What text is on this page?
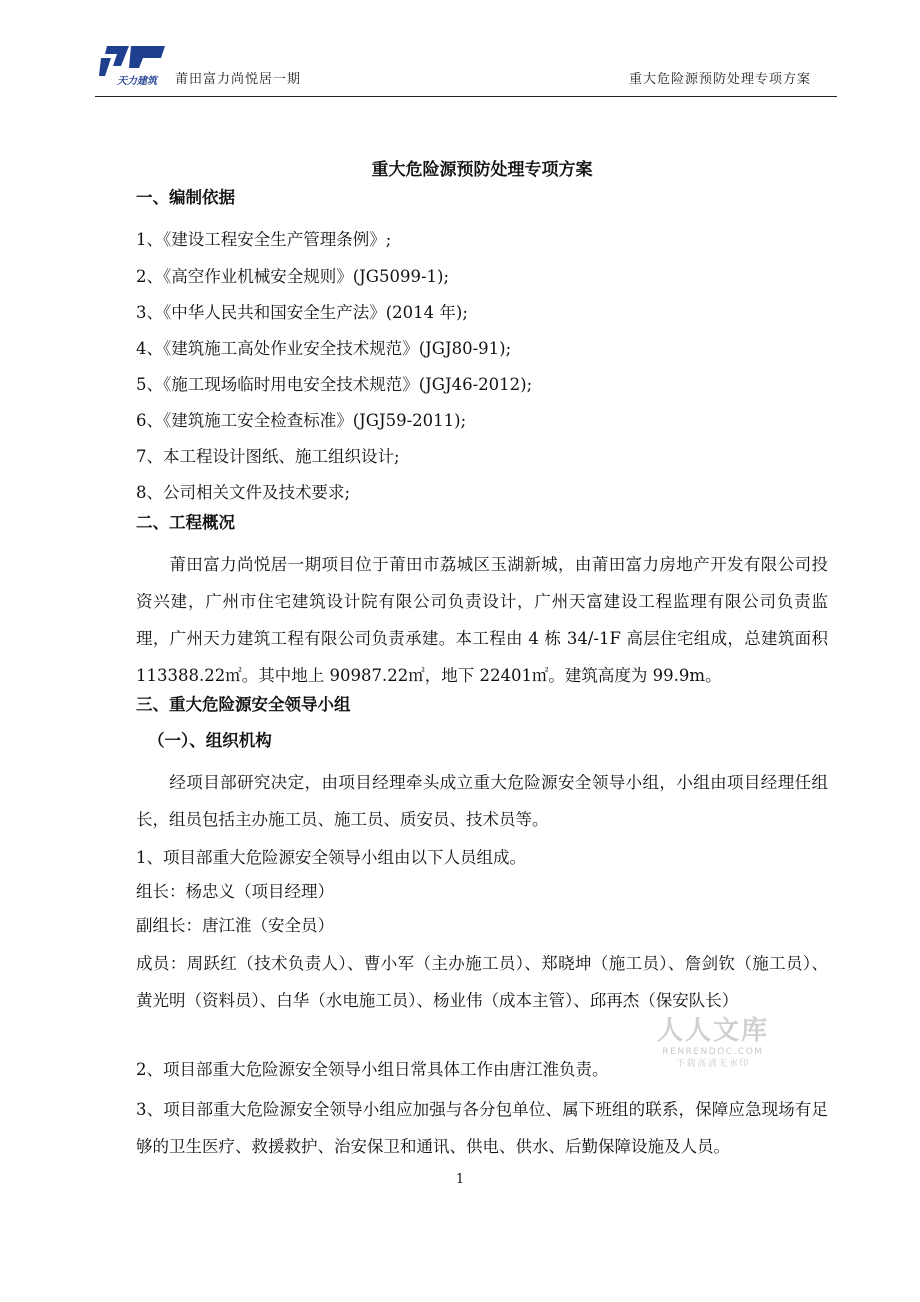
天力建筑 莆田富力尚悦居一期	重大危险源预防处理专项方案
重大危险源预防处理专项方案
一、编制依据
1、《建设工程安全生产管理条例》;
2、《高空作业机械安全规则》(JG5099-1);
3、《中华人民共和国安全生产法》(2014 年);
4、《建筑施工高处作业安全技术规范》(JGJ80-91);
5、《施工现场临时用电安全技术规范》(JGJ46-2012);
6、《建筑施工安全检查标准》(JGJ59-2011);
7、本工程设计图纸、施工组织设计;
8、公司相关文件及技术要求;
二、工程概况
莆田富力尚悦居一期项目位于莆田市荔城区玉湖新城，由莆田富力房地产开发有限公司投资兴建，广州市住宅建筑设计院有限公司负责设计，广州天富建设工程监理有限公司负责监理，广州天力建筑工程有限公司负责承建。本工程由 4 栋 34/-1F 高层住宅组成，总建筑面积 113388.22㎡。其中地上 90987.22㎡，地下 22401㎡。建筑高度为 99.9m。
三、重大危险源安全领导小组
（一）、组织机构
经项目部研究决定，由项目经理牵头成立重大危险源安全领导小组，小组由项目经理任组长，组员包括主办施工员、施工员、质安员、技术员等。
1、项目部重大危险源安全领导小组由以下人员组成。
组长：杨忠义（项目经理）
副组长：唐江淮（安全员）
成员：周跃红（技术负责人）、曹小军（主办施工员）、郑晓坤（施工员）、詹剑钦（施工员）、黄光明（资料员）、白华（水电施工员）、杨业伟（成本主管）、邱再杰（保安队长）
2、项目部重大危险源安全领导小组日常具体工作由唐江淮负责。
3、项目部重大危险源安全领导小组应加强与各分包单位、属下班组的联系，保障应急现场有足够的卫生医疗、救援救护、治安保卫和通讯、供电、供水、后勤保障设施及人员。
人人文库
RENRENDOC.COM
下载高清无水印
1
